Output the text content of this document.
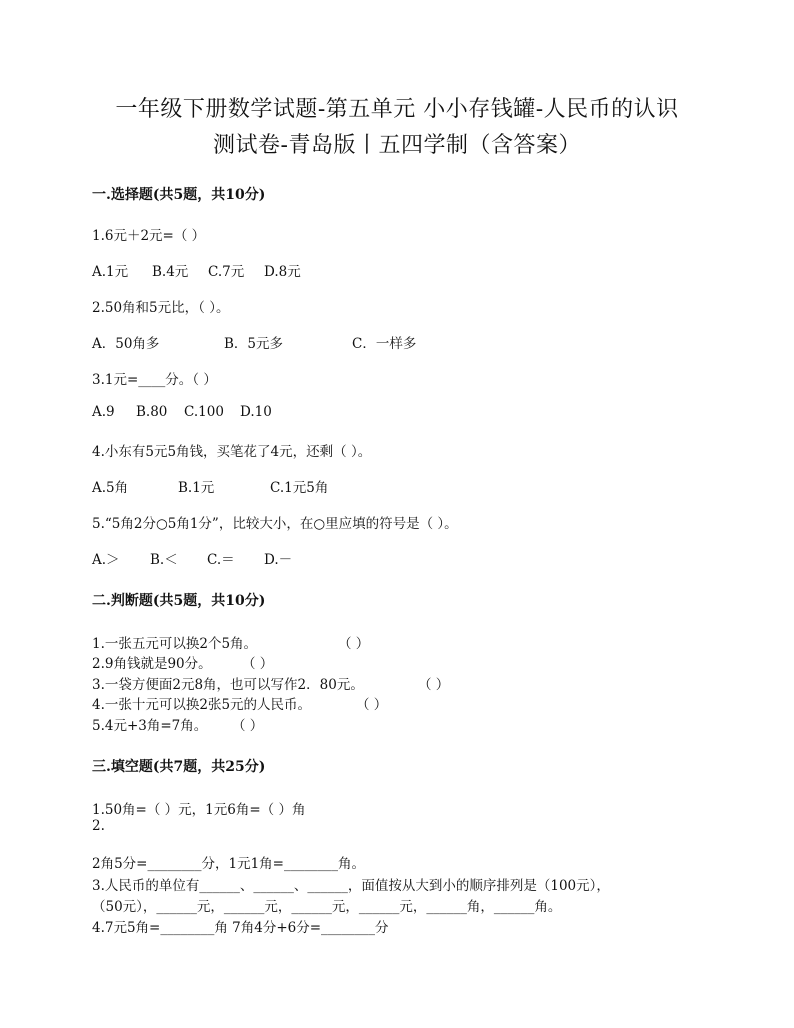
一年级下册数学试题-第五单元 小小存钱罐-人民币的认识
测试卷-青岛版丨五四学制（含答案）
一.选择题(共5题，共10分)
1.6元＋2元=（ ）
A.1元 B.4元 C.7元 D.8元
2.50角和5元比，（ ）。
A．50角多	B．5元多	C．一样多
3.1元=____分。（ ）
A.9 B.80 C.100 D.10
4.小东有5元5角钱，买笔花了4元，还剩（ ）。
A.5角	B.1元	C.1元5角
5.“5角2分○5角1分”，比较大小，在○里应填的符号是（ ）。
A.＞ B.＜ C.＝ D.－
二.判断题(共5题，共10分)
1.一张五元可以换2个5角。	（ ）
2.9角钱就是90分。 （ ）
3.一袋方便面2元8角，也可以写作2．80元。	（ ）
4.一张十元可以换2张5元的人民币。	（ ）
5.4元+3角=7角。 （ ）
三.填空题(共7题，共25分)
1.50角=（ ）元，1元6角=（ ）角
2.
2角5分=________分，1元1角=________角。
3.人民币的单位有______、______、______，面值按从大到小的顺序排列是（100元），
（50元），______元，______元，______元，______元，______角，______角。
4.7元5角=________角 7角4分+6分=________分
